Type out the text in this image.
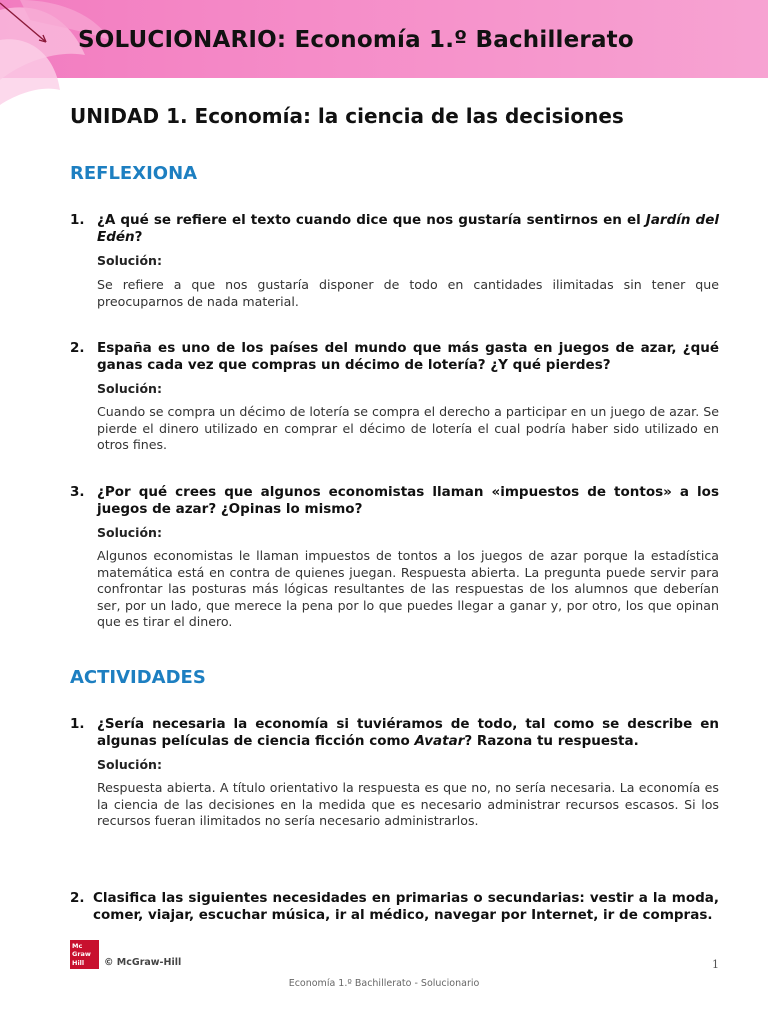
SOLUCIONARIO: Economía 1.º Bachillerato
UNIDAD 1. Economía: la ciencia de las decisiones
REFLEXIONA
1. ¿A qué se refiere el texto cuando dice que nos gustaría sentirnos en el Jardín del Edén?

Solución:

Se refiere a que nos gustaría disponer de todo en cantidades ilimitadas sin tener que preocuparnos de nada material.

2. España es uno de los países del mundo que más gasta en juegos de azar, ¿qué ganas cada vez que compras un décimo de lotería? ¿Y qué pierdes?

Solución:

Cuando se compra un décimo de lotería se compra el derecho a participar en un juego de azar. Se pierde el dinero utilizado en comprar el décimo de lotería el cual podría haber sido utilizado en otros fines.

3. ¿Por qué crees que algunos economistas llaman «impuestos de tontos» a los juegos de azar? ¿Opinas lo mismo?

Solución:

Algunos economistas le llaman impuestos de tontos a los juegos de azar porque la estadística matemática está en contra de quienes juegan. Respuesta abierta. La pregunta puede servir para confrontar las posturas más lógicas resultantes de las respuestas de los alumnos que deberían ser, por un lado, que merece la pena por lo que puedes llegar a ganar y, por otro, los que opinan que es tirar el dinero.

ACTIVIDADES
1. ¿Sería necesaria la economía si tuviéramos de todo, tal como se describe en algunas películas de ciencia ficción como Avatar? Razona tu respuesta.

Solución:

Respuesta abierta. A título orientativo la respuesta es que no, no sería necesaria. La economía es la ciencia de las decisiones en la medida que es necesario administrar recursos escasos. Si los recursos fueran ilimitados no sería necesario administrarlos.

2. Clasifica las siguientes necesidades en primarias o secundarias: vestir a la moda, comer, viajar, escuchar música, ir al médico, navegar por Internet, ir de compras.

Mc
Graw
Hill	© McGraw-Hill	1

Economía 1.º Bachillerato - Solucionario
